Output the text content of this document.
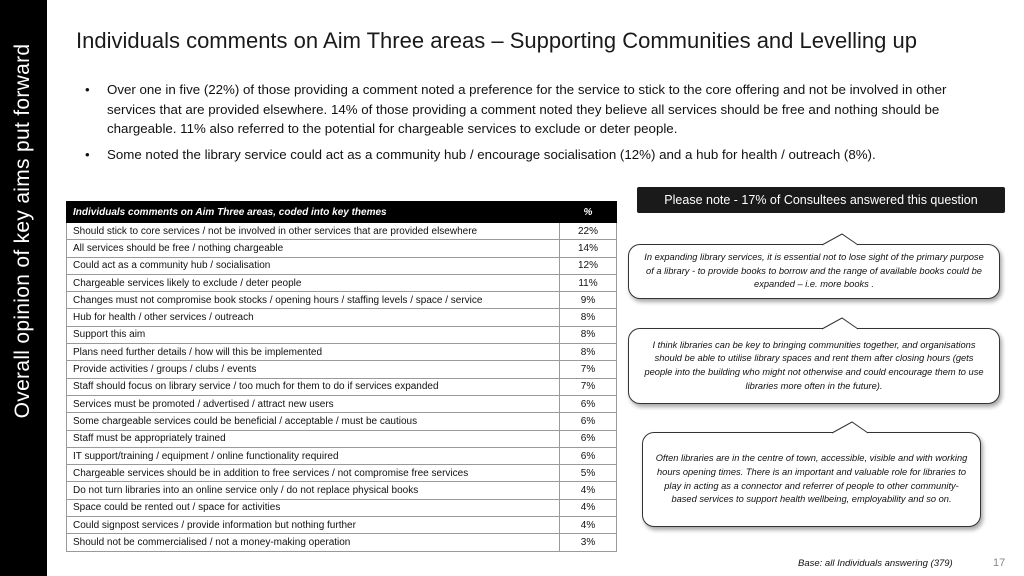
Overall opinion of key aims put forward
Individuals comments on Aim Three areas – Supporting Communities and Levelling up
• Over one in five (22%) of those providing a comment noted a preference for the service to stick to the core offering and not be involved in other services that are provided elsewhere. 14% of those providing a comment noted they believe all services should be free and nothing should be chargeable. 11% also referred to the potential for chargeable services to exclude or deter people.
• Some noted the library service could act as a community hub / encourage socialisation (12%) and a hub for health / outreach (8%).
Please note - 17% of Consultees answered this question
Individuals comments on Aim Three areas, coded into key themes	%
Should stick to core services / not be involved in other services that are provided elsewhere	22%
All services should be free / nothing chargeable	14%
Could act as a community hub / socialisation	12%
Chargeable services likely to exclude / deter people	11%
Changes must not compromise book stocks / opening hours / staffing levels / space / service	9%
Hub for health / other services / outreach	8%
Support this aim	8%
Plans need further details / how will this be implemented	8%
Provide activities / groups / clubs / events	7%
Staff should focus on library service / too much for them to do if services expanded	7%
Services must be promoted / advertised / attract new users	6%
Some chargeable services could be beneficial / acceptable / must be cautious	6%
Staff must be appropriately trained	6%
IT support/training / equipment / online functionality required	6%
Chargeable services should be in addition to free services / not compromise free services	5%
Do not turn libraries into an online service only / do not replace physical books	4%
Space could be rented out / space for activities	4%
Could signpost services / provide information but nothing further	4%
Should not be commercialised / not a money-making operation	3%
In expanding library services, it is essential not to lose sight of the primary purpose of a library - to provide books to borrow and the range of available books could be expanded – i.e. more books .
I think libraries can be key to bringing communities together, and organisations should be able to utilise library spaces and rent them after closing hours (gets people into the building who might not otherwise and could encourage them to use libraries more often in the future).
Often libraries are in the centre of town, accessible, visible and with working hours opening times. There is an important and valuable role for libraries to play in acting as a connector and referrer of people to other community-based services to support health wellbeing, employability and so on.
Base: all Individuals answering (379)	17
